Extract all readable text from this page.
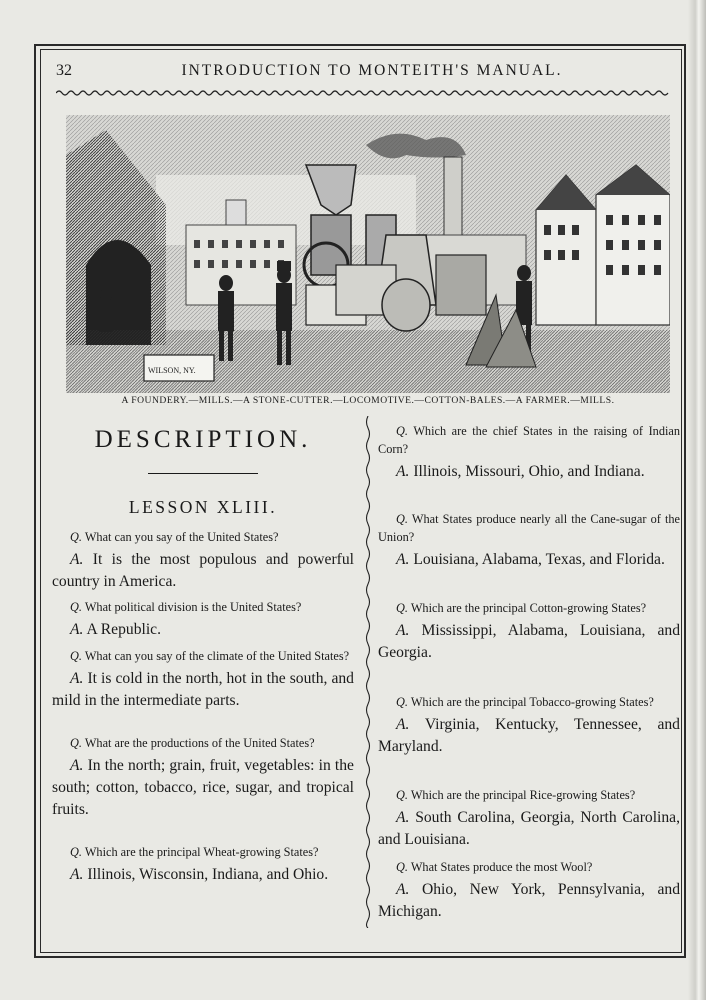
32	INTRODUCTION TO MONTEITH'S MANUAL.
WILSON, NY.
A FOUNDERY.—MILLS.—A STONE-CUTTER.—LOCOMOTIVE.—COTTON-BALES.—A FARMER.—MILLS.
DESCRIPTION.
LESSON XLIII.

Q. What can you say of the United States?

A. It is the most populous and powerful country in America.

Q. What political division is the United States?

A. A Republic.

Q. What can you say of the climate of the United States?

A. It is cold in the north, hot in the south, and mild in the intermediate parts.

Q. What are the productions of the United States?

A. In the north; grain, fruit, vegetables: in the south; cotton, tobacco, rice, sugar, and tropical fruits.

Q. Which are the principal Wheat-growing States?

A. Illinois, Wisconsin, Indiana, and Ohio.

Q. Which are the chief States in the raising of Indian Corn?

A. Illinois, Missouri, Ohio, and Indiana.

Q. What States produce nearly all the Cane-sugar of the Union?

A. Louisiana, Alabama, Texas, and Florida.

Q. Which are the principal Cotton-growing States?

A. Mississippi, Alabama, Louisiana, and Georgia.

Q. Which are the principal Tobacco-growing States?

A. Virginia, Kentucky, Tennessee, and Maryland.

Q. Which are the principal Rice-growing States?

A. South Carolina, Georgia, North Carolina, and Louisiana.

Q. What States produce the most Wool?

A. Ohio, New York, Pennsylvania, and Michigan.
